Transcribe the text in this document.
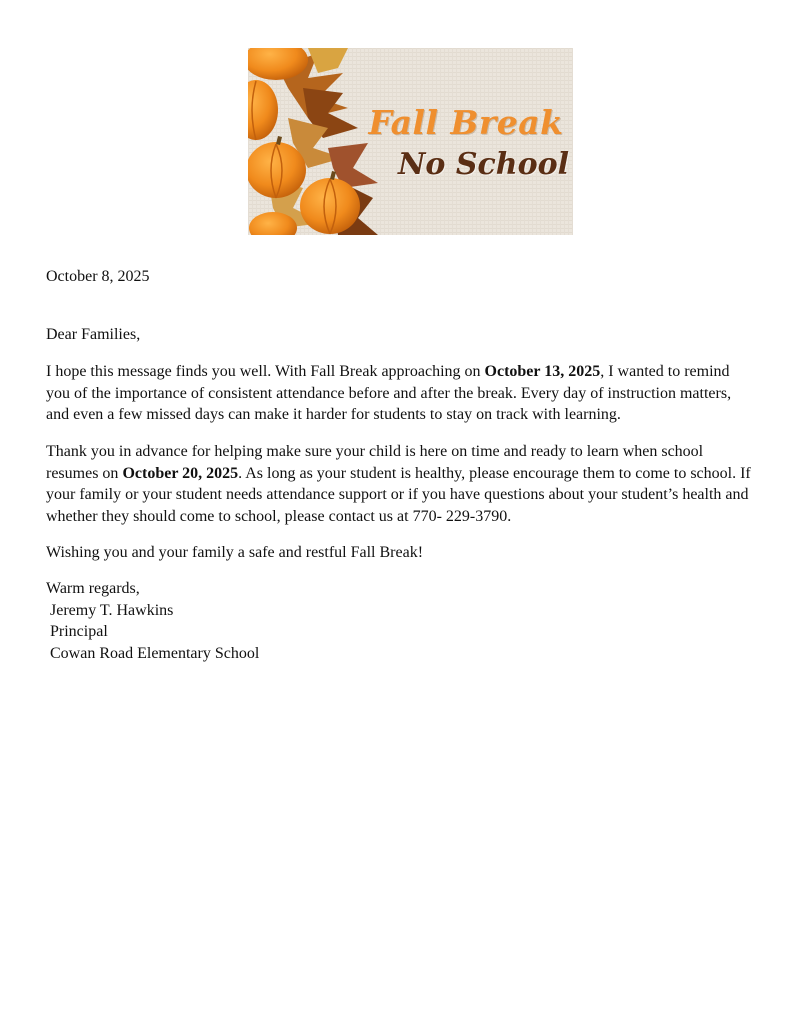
Fall Break
No School

October 8, 2025

Dear Families,

I hope this message finds you well. With Fall Break approaching on October 13, 2025, I wanted to remind you of the importance of consistent attendance before and after the break. Every day of instruction matters, and even a few missed days can make it harder for students to stay on track with learning.

Thank you in advance for helping make sure your child is here on time and ready to learn when school resumes on October 20, 2025. As long as your student is healthy, please encourage them to come to school. If your family or your student needs attendance support or if you have questions about your student’s health and whether they should come to school, please contact us at 770- 229-3790.

Wishing you and your family a safe and restful Fall Break!

Warm regards,
Jeremy T. Hawkins
Principal
Cowan Road Elementary School
